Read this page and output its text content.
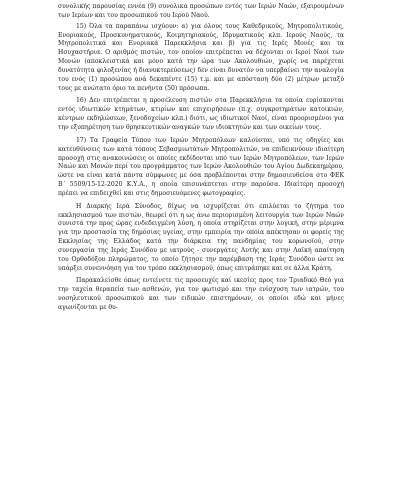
συνολικής παρουσίας εννέα (9) συνολικά προσώπων εντός των Ιερών Ναών, εξαιρουμένων των Ιερέων και του προσωπικού του Ιερού Ναού.

15) Όλα τα παραπάνω ισχύουν: α) για όλους τους Καθεδρικούς, Μητροπολιτικούς, Ενοριακούς, Προσκυνηματικούς, Κοιμητηριακούς, Ιδρυματικούς κλπ. Ιερούς Ναούς, τα Μητροπολιτικά και Ενοριακά Παρεκκλήσια και β) για τις Ιερές Μονές και τα Ησυχαστήρια. Ο αριθμός πιστών, τον οποίον επιτρέπεται να δέχονται οι Ιεροί Ναοί των Μονών (αποκλειστικά και μόνο κατά την ώρα των Ακολουθιών, χωρίς να παρέχεται δυνατότητα φιλοξενίας ή διανυκτερεύσεως) δεν είναι δυνατόν να υπερβαίνει την αναλογία του ενός (1) προσώπου ανά δεκαπέντε (15) τ.μ. και με απόσταση δύο (2) μέτρων μεταξύ τους με ανώτατο όριο τα πενήντα (50) πρόσωπα.

16) Δεν επιτρέπεται η προσέλευση πιστών στα Παρεκκλήσια τα οποία ευρίσκονται εντός ιδιωτικών κτημάτων, κτιρίων και επιχειρήσεων (π.χ. συγκροτημάτων κατοικιών, κέντρων εκδηλώσεων, ξενοδοχείων κλπ.) διότι, ως ιδιωτικοί Ναοί, είναι προορισμένοι για την εξυπηρέτηση των θρησκευτικών αναγκών των ιδιοκτητών και των οικείων τους.

17) Τα Γραφεία Τύπου των Ιερών Μητροπόλεων καλούνται, υπό τις οδηγίες και κατευθύνσεις των κατά τόπους Σεβασμιωτάτων Μητροπολιτών, να επιδεικνύουν ιδιαίτερη προσοχή στις ανακοινώσεις οι οποίες εκδίδονται υπό των Ιερών Μητροπόλεων, των Ιερών Ναών και Μονών περί του προγράμματος των Ιερών Ακολουθιών του Αγίου Δωδεκαημέρου, ώστε να είναι κατά πάντα σύμφωνες με όσα προβλέπονται στην δημοσιευθείσα στο ΦΕΚ Β΄ 5509/15-12-2020 Κ.Υ.Α., η οποία επισυνάπτεται στην παρούσα. Ιδιαίτερη προσοχή πρέπει να επιδειχθεί και στις δημοσιευόμενες φωτογραφίες.

Η Διαρκής Ιερά Σύνοδος, δίχως να ισχυρίζεται ότι επιλύεται το ζήτημα του εκκλησιασμού των πιστών, θεωρεί ότι η ως άνω περιορισμένη λειτουργία των Ιερών Ναών συνιστά την προς ώρας ενδεδειγμένη λύση, η οποία στηρίζεται στην λογική, στην μέριμνα για την προστασία της δημόσιας υγείας, στην εμπειρία την οποία απέκτησαν οι φορείς της Εκκλησίας της Ελλάδος κατά την διάρκεια της πανδημίας του κορωνοϊού, στην συνεργασία της Ιεράς Συνόδου με ιατρούς - συνεργάτες Αυτής και στην Λαϊκή απαίτηση του Ορθοδόξου πληρώματος, το οποίο ζήτησε την παρέμβαση της Ιεράς Συνόδου ώστε να υπάρξει συνεννόηση για τον τρόπο εκκλησιασμού, όπως επιτράπηκε και σε άλλα Κράτη.

Παρακαλείσθε όπως εντείνετε τις προσευχές καί ικεσίες προς τον Τριαδικό Θεό για την ταχεία θεραπεία των ασθενών, για τον φωτισμό και την ενίσχυση των ιατρών, του νοσηλευτικού προσωπικού και των ειδικών επιστημόνων, οι οποίοι εδώ και μήνες αγωνίζονται με θυ-
